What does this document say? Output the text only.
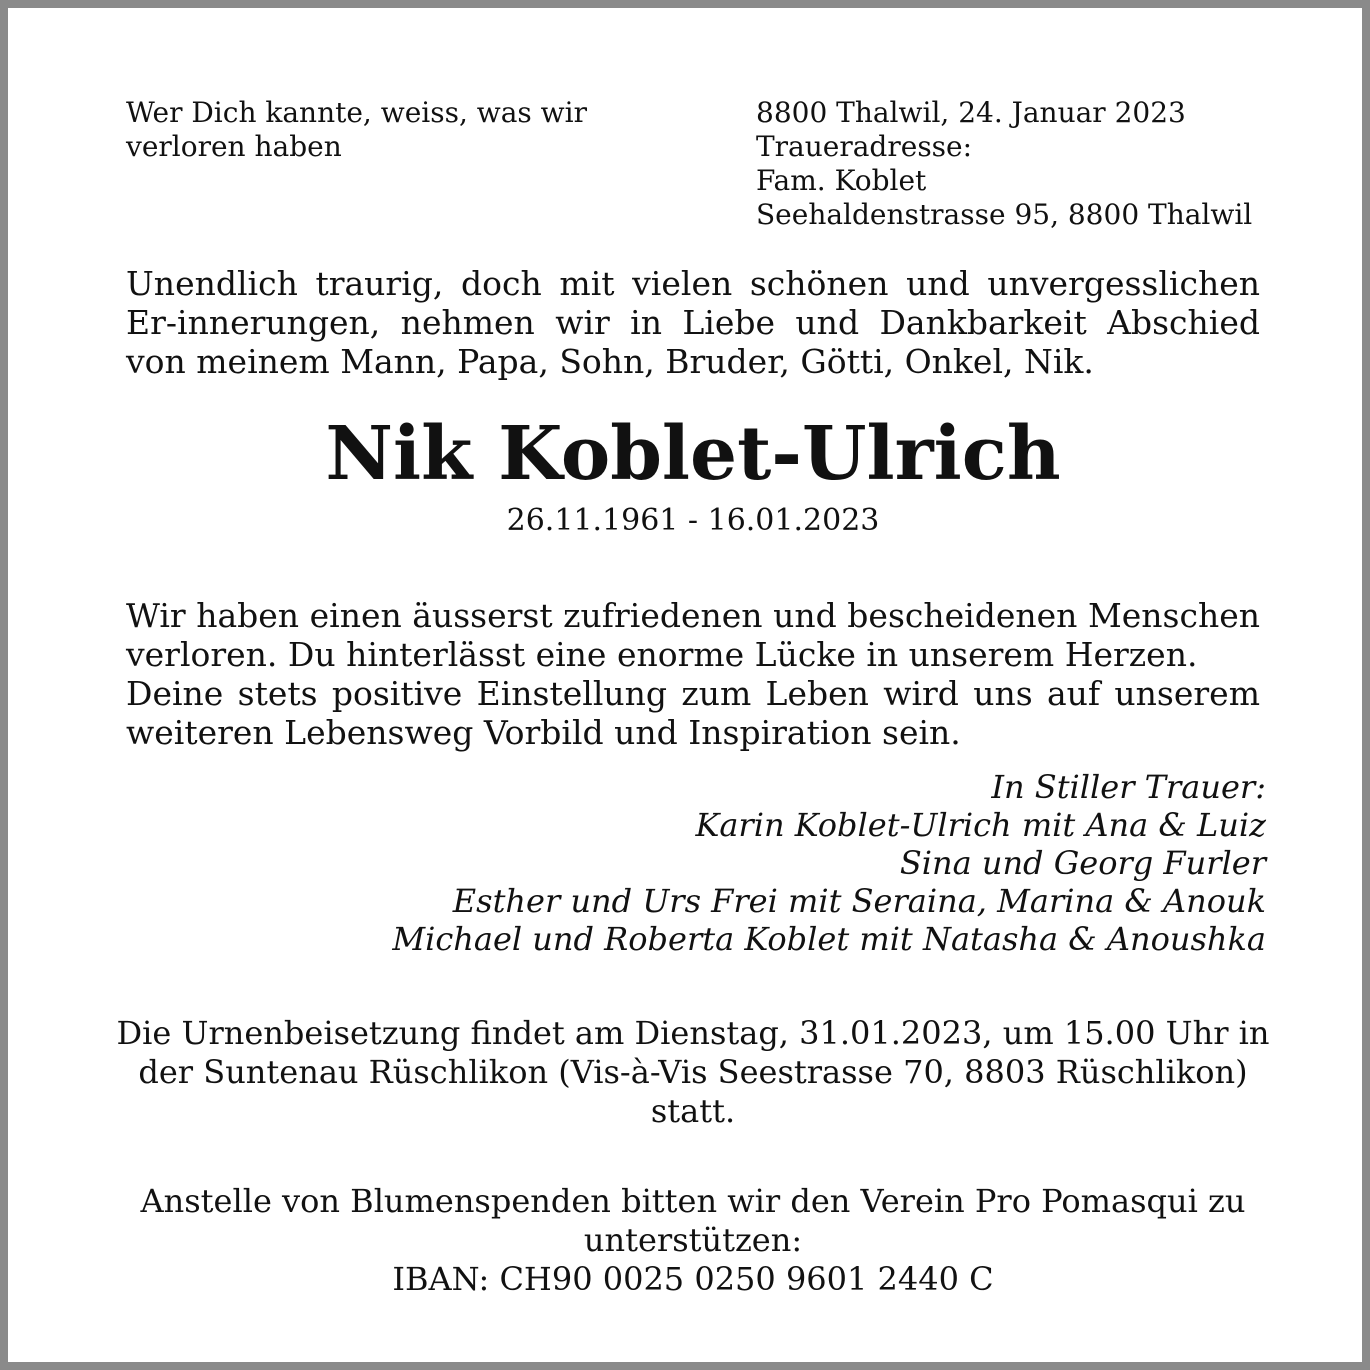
Wer Dich kannte, weiss, was wir
verloren haben
8800 Thalwil, 24. Januar 2023
Traueradresse:
Fam. Koblet
Seehaldenstrasse 95, 8800 Thalwil
Unendlich traurig, doch mit vielen schönen und unvergesslichen Er-innerungen, nehmen wir in Liebe und Dankbarkeit Abschied von meinem Mann, Papa, Sohn, Bruder, Götti, Onkel, Nik.
Nik Koblet-Ulrich
26.11.1961 - 16.01.2023

Wir haben einen äusserst zufriedenen und bescheidenen Menschen verloren. Du hinterlässt eine enorme Lücke in unserem Herzen.

Deine stets positive Einstellung zum Leben wird uns auf unserem weiteren Lebensweg Vorbild und Inspiration sein.

In Stiller Trauer:
Karin Koblet-Ulrich mit Ana & Luiz
Sina und Georg Furler
Esther und Urs Frei mit Seraina, Marina & Anouk
Michael und Roberta Koblet mit Natasha & Anoushka
Die Urnenbeisetzung findet am Dienstag, 31.01.2023, um 15.00 Uhr in der Suntenau Rüschlikon (Vis-à-Vis Seestrasse 70, 8803 Rüschlikon) statt.
Anstelle von Blumenspenden bitten wir den Verein Pro Pomasqui zu unterstützen:
IBAN: CH90 0025 0250 9601 2440 C
